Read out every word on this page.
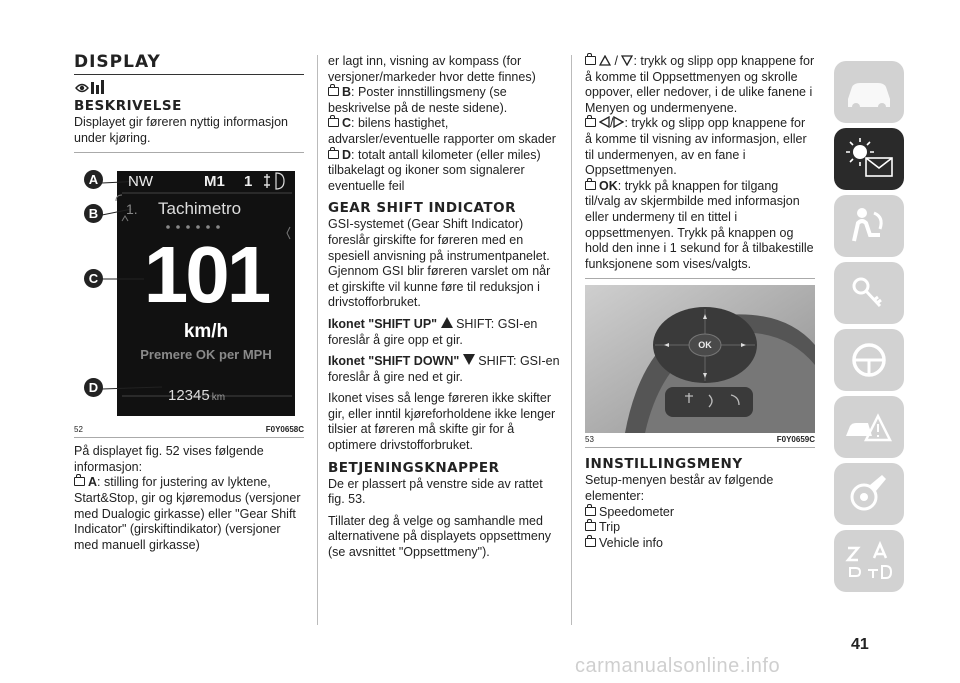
DISPLAY
BESKRIVELSE

Displayet gir føreren nyttig informasjon under kjøring.

A
B
C
D
NW	M1 1
1. Tachimetro
101
km/h
Premere OK per MPH
12345 km
52	F0Y0658C

På displayet fig. 52 vises følgende informasjon:

A: stilling for justering av lyktene, Start&Stop, gir og kjøremodus (versjoner med Dualogic girkasse) eller "Gear Shift Indicator" (girskiftindikator) (versjoner med manuell girkasse)

er lagt inn, visning av kompass (for versjoner/markeder hvor dette finnes)

B: Poster innstillingsmeny (se beskrivelse på de neste sidene).

C: bilens hastighet, advarsler/eventuelle rapporter om skader

D: totalt antall kilometer (eller miles) tilbakelagt og ikoner som signalerer eventuelle feil

GEAR SHIFT INDICATOR

GSI-systemet (Gear Shift Indicator) foreslår girskifte for føreren med en spesiell anvisning på instrumentpanelet. Gjennom GSI blir føreren varslet om når et girskifte vil kunne føre til reduksjon i drivstofforbruket.

Ikonet "SHIFT UP" SHIFT: GSI-en foreslår å gire opp et gir.

Ikonet "SHIFT DOWN" SHIFT: GSI-en foreslår å gire ned et gir.

Ikonet vises så lenge føreren ikke skifter gir, eller inntil kjøreforholdene ikke lenger tilsier at føreren må skifte gir for å optimere drivstofforbruket.

BETJENINGSKNAPPER

De er plassert på venstre side av rattet fig. 53.

Tillater deg å velge og samhandle med alternativene på displayets oppsettmeny (se avsnittet "Oppsettmeny").

/ : trykk og slipp opp knappene for å komme til Oppsettmenyen og skrolle oppover, eller nedover, i de ulike fanene i Menyen og undermenyene.

/ : trykk og slipp opp knappene for å komme til visning av informasjon, eller til undermenyen, av en fane i Oppsettmenyen.

OK: trykk på knappen for tilgang til/valg av skjermbilde med informasjon eller undermeny til en tittel i oppsettmenyen. Trykk på knappen og hold den inne i 1 sekund for å tilbakestille funksjonene som vises/valgts.

OK
53	F0Y0659C
INNSTILLINGSMENY

Setup-menyen består av følgende elementer:

Speedometer

Trip

Vehicle info

41
carmanualsonline.info
